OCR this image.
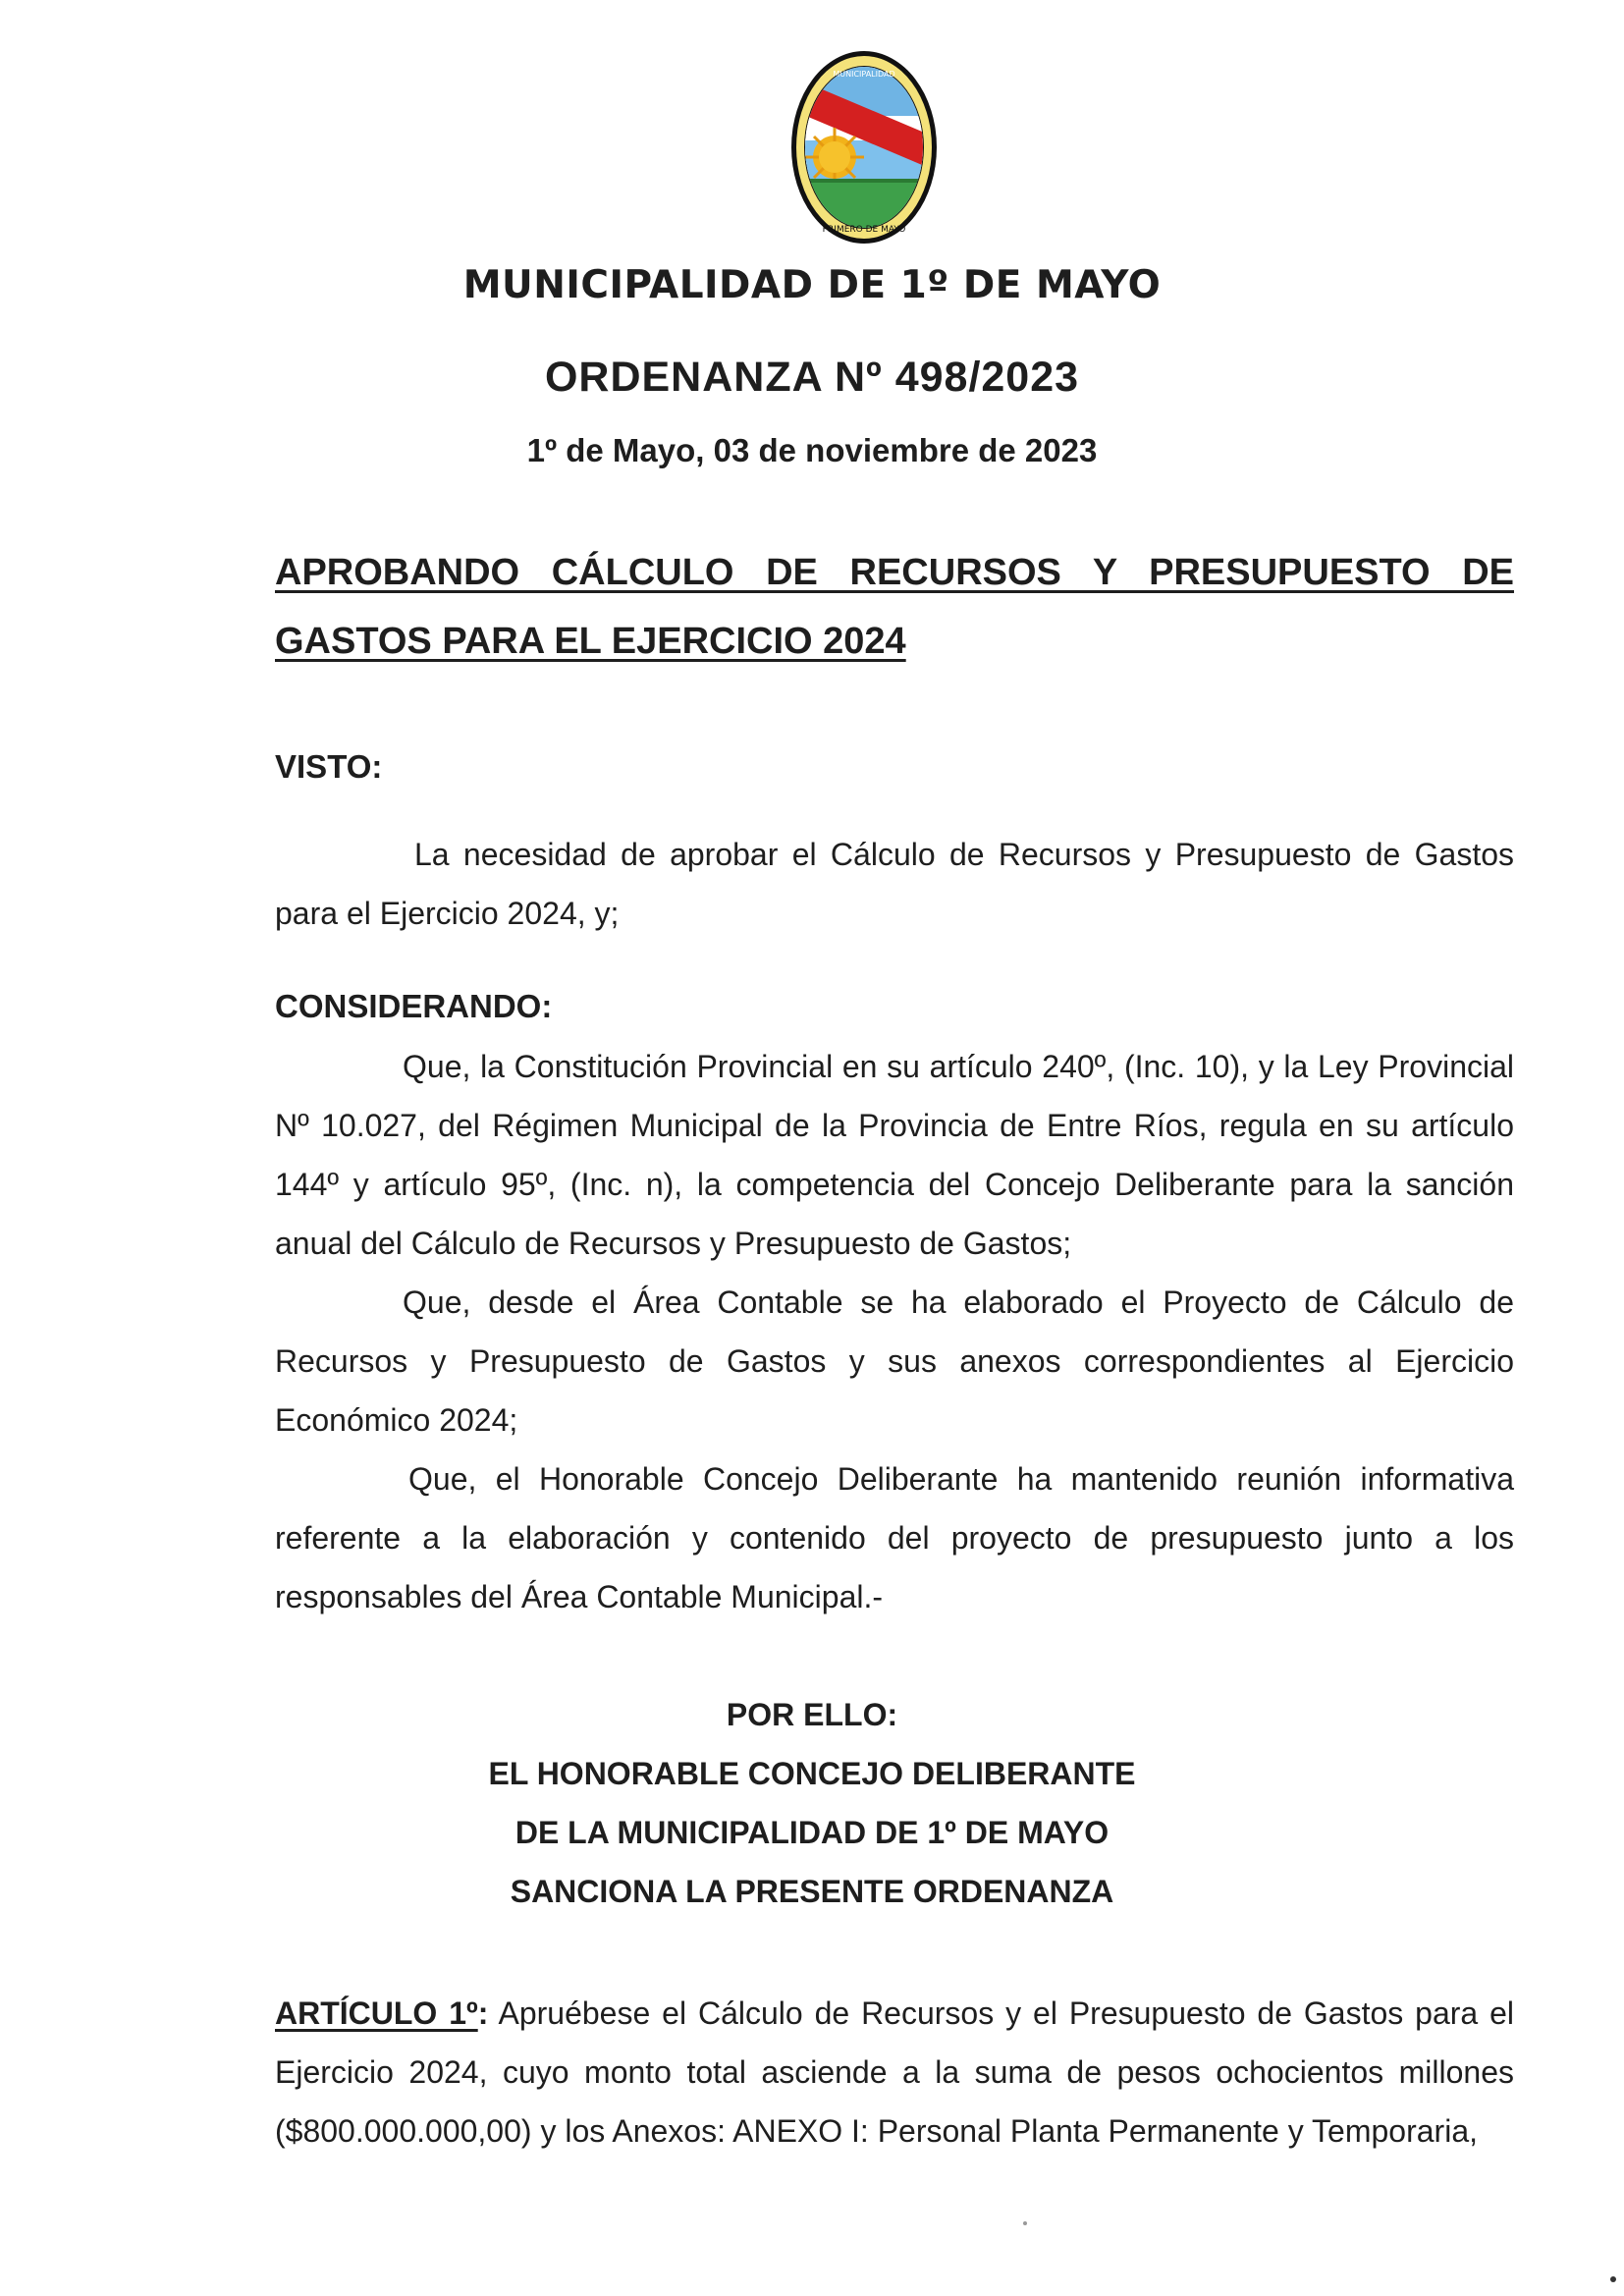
MUNICIPALIDAD
PRIMERO DE MAYO
MUNICIPALIDAD DE 1º DE MAYO
ORDENANZA Nº 498/2023
1º de Mayo, 03 de noviembre de 2023
APROBANDO CÁLCULO DE RECURSOS Y PRESUPUESTO DE
GASTOS PARA EL EJERCICIO 2024
VISTO:

La necesidad de aprobar el Cálculo de Recursos y Presupuesto de Gastos para el Ejercicio 2024, y;

CONSIDERANDO:

Que, la Constitución Provincial en su artículo 240º, (Inc. 10), y la Ley Provincial Nº 10.027, del Régimen Municipal de la Provincia de Entre Ríos, regula en su artículo 144º y artículo 95º, (Inc. n), la competencia del Concejo Deliberante para la sanción anual del Cálculo de Recursos y Presupuesto de Gastos;

Que, desde el Área Contable se ha elaborado el Proyecto de Cálculo de Recursos y Presupuesto de Gastos y sus anexos correspondientes al Ejercicio Económico 2024;

Que, el Honorable Concejo Deliberante ha mantenido reunión informativa referente a la elaboración y contenido del proyecto de presupuesto junto a los responsables del Área Contable Municipal.-

POR ELLO:
EL HONORABLE CONCEJO DELIBERANTE
DE LA MUNICIPALIDAD DE 1º DE MAYO
SANCIONA LA PRESENTE ORDENANZA

ARTÍCULO 1º: Apruébese el Cálculo de Recursos y el Presupuesto de Gastos para el Ejercicio 2024, cuyo monto total asciende a la suma de pesos ochocientos millones ($800.000.000,00) y los Anexos: ANEXO I: Personal Planta Permanente y Temporaria,
